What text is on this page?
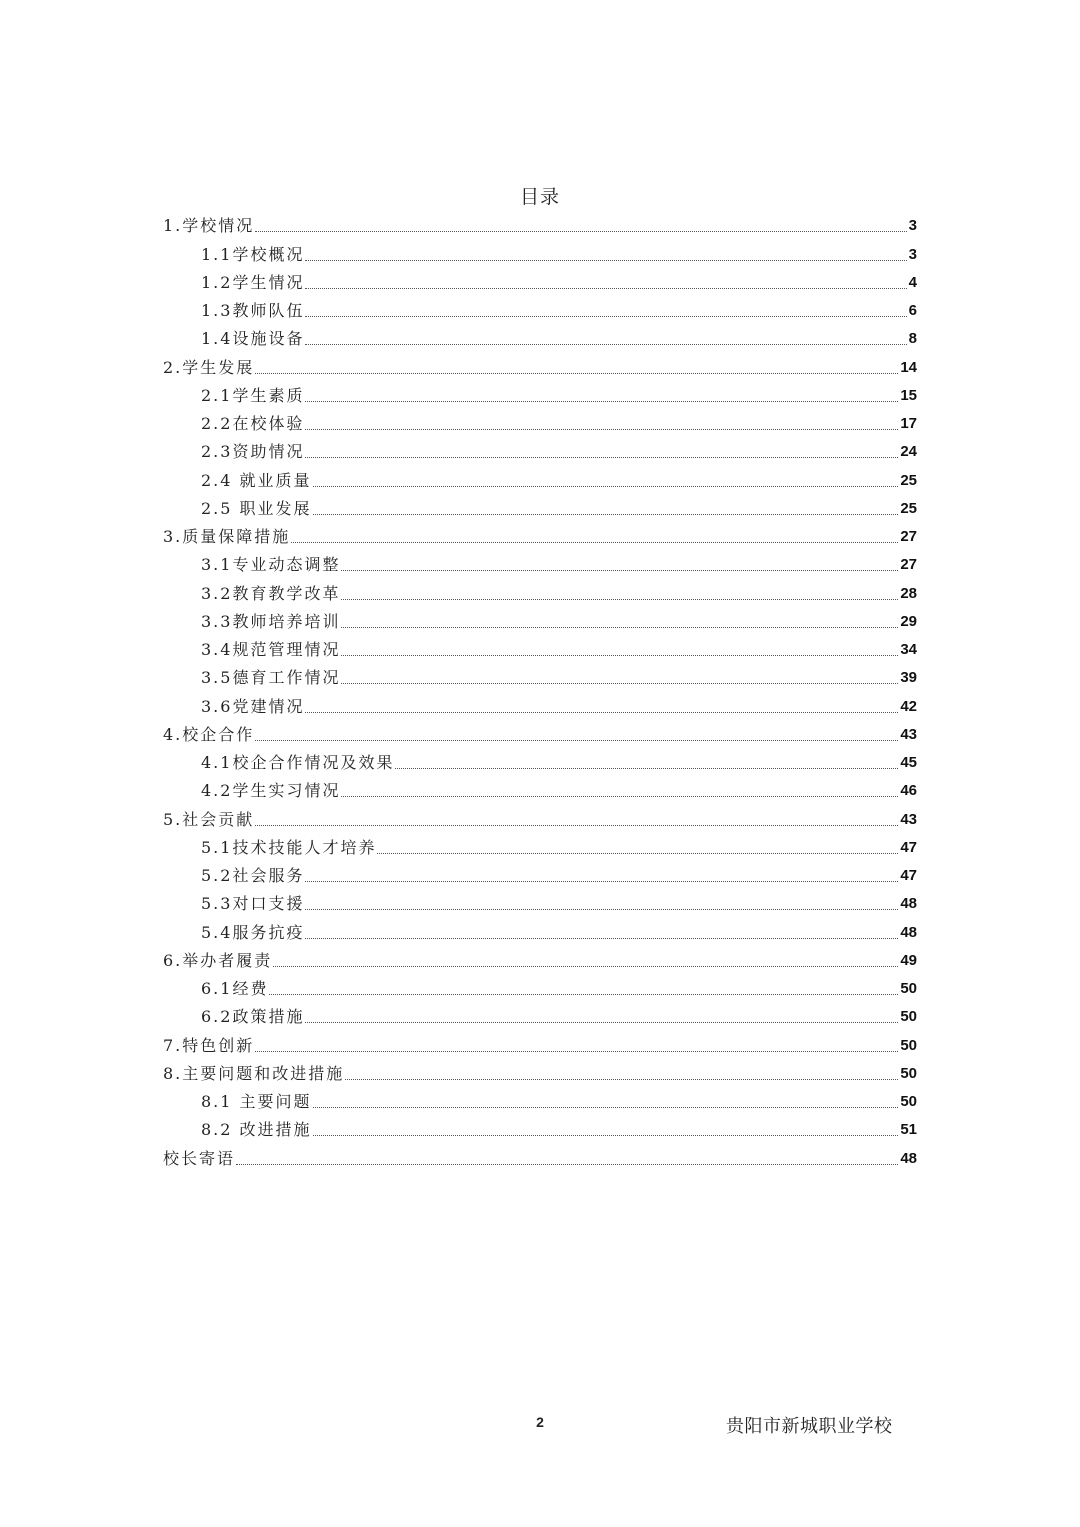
目录
1.学校情况	3
1.1学校概况	3
1.2学生情况	4
1.3教师队伍	6
1.4设施设备	8
2.学生发展	14
2.1学生素质	15
2.2在校体验	17
2.3资助情况	24
2.4 就业质量	25
2.5 职业发展	25
3.质量保障措施	27
3.1专业动态调整	27
3.2教育教学改革	28
3.3教师培养培训	29
3.4规范管理情况	34
3.5德育工作情况	39
3.6党建情况	42
4.校企合作	43
4.1校企合作情况及效果	45
4.2学生实习情况	46
5.社会贡献	43
5.1技术技能人才培养	47
5.2社会服务	47
5.3对口支援	48
5.4服务抗疫	48
6.举办者履责	49
6.1经费	50
6.2政策措施	50
7.特色创新	50
8.主要问题和改进措施	50
8.1 主要问题	50
8.2 改进措施	51
校长寄语	48
2	贵阳市新城职业学校
